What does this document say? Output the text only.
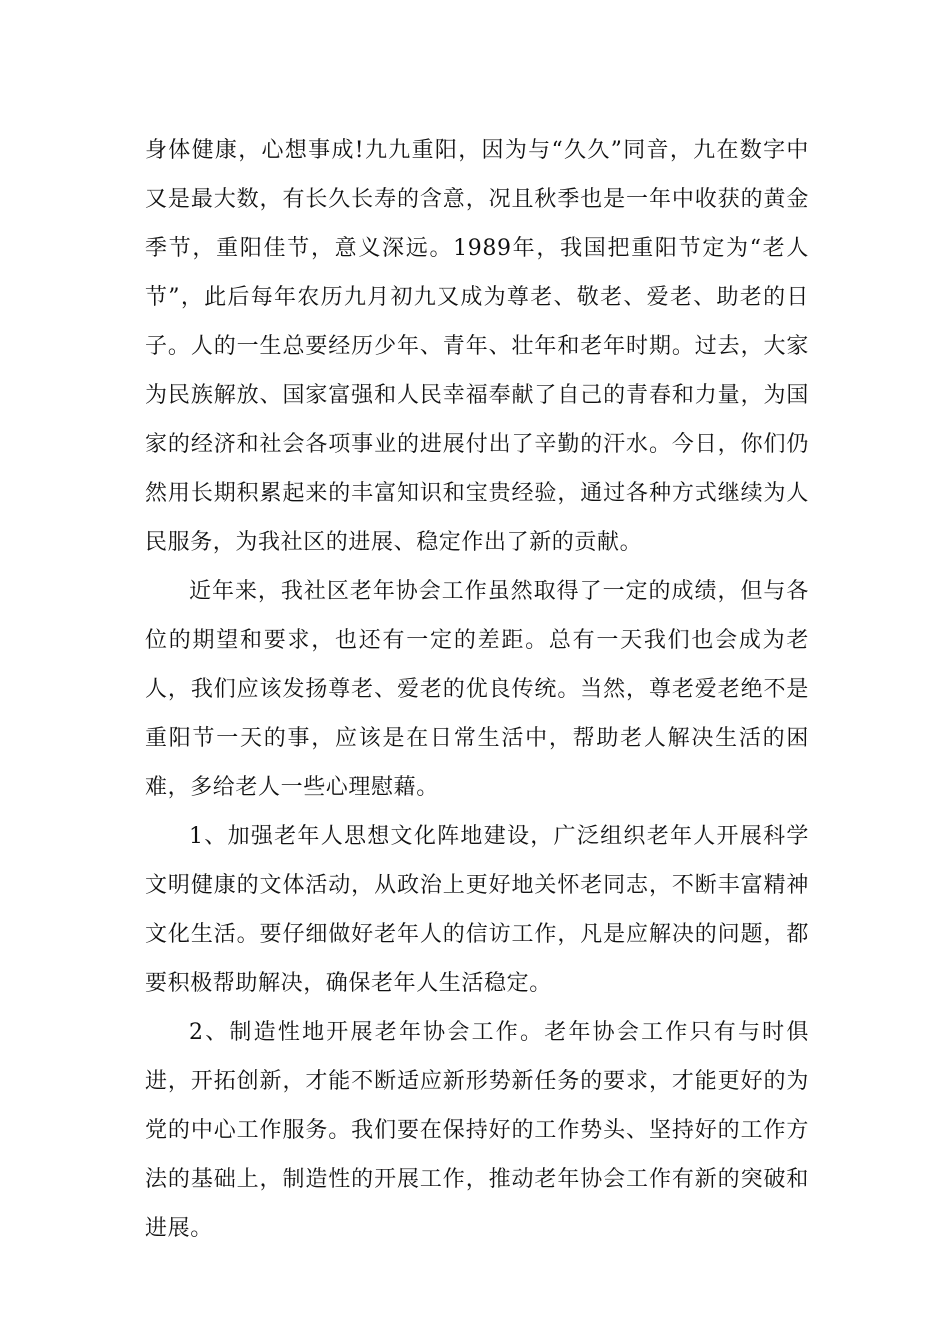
身体健康，心想事成!九九重阳，因为与“久久”同音，九在数字中又是最大数，有长久长寿的含意，况且秋季也是一年中收获的黄金季节，重阳佳节，意义深远。1989年，我国把重阳节定为“老人节”，此后每年农历九月初九又成为尊老、敬老、爱老、助老的日子。人的一生总要经历少年、青年、壮年和老年时期。过去，大家为民族解放、国家富强和人民幸福奉献了自己的青春和力量，为国家的经济和社会各项事业的进展付出了辛勤的汗水。今日，你们仍然用长期积累起来的丰富知识和宝贵经验，通过各种方式继续为人民服务，为我社区的进展、稳定作出了新的贡献。

近年来，我社区老年协会工作虽然取得了一定的成绩，但与各位的期望和要求，也还有一定的差距。总有一天我们也会成为老人，我们应该发扬尊老、爱老的优良传统。当然，尊老爱老绝不是重阳节一天的事，应该是在日常生活中，帮助老人解决生活的困难，多给老人一些心理慰藉。

1、加强老年人思想文化阵地建设，广泛组织老年人开展科学文明健康的文体活动，从政治上更好地关怀老同志，不断丰富精神文化生活。要仔细做好老年人的信访工作，凡是应解决的问题，都要积极帮助解决，确保老年人生活稳定。

2、制造性地开展老年协会工作。老年协会工作只有与时俱进，开拓创新，才能不断适应新形势新任务的要求，才能更好的为党的中心工作服务。我们要在保持好的工作势头、坚持好的工作方法的基础上，制造性的开展工作，推动老年协会工作有新的突破和进展。
